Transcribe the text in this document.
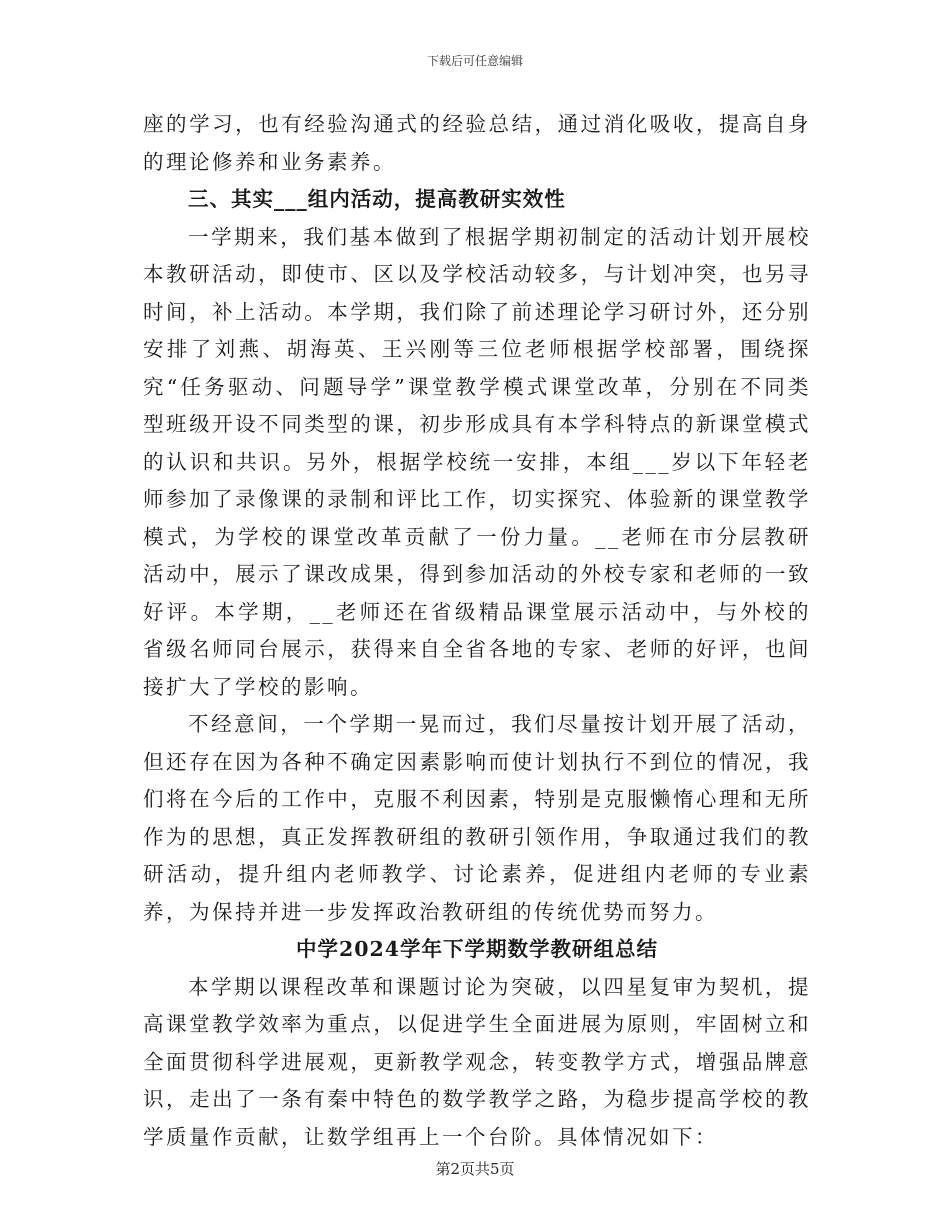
下载后可任意编辑

座的学习，也有经验沟通式的经验总结，通过消化吸收，提高自身的理论修养和业务素养。

三、其实___组内活动，提高教研实效性

一学期来，我们基本做到了根据学期初制定的活动计划开展校本教研活动，即使市、区以及学校活动较多，与计划冲突，也另寻时间，补上活动。本学期，我们除了前述理论学习研讨外，还分别安排了刘燕、胡海英、王兴刚等三位老师根据学校部署，围绕探究“任务驱动、问题导学”课堂教学模式课堂改革，分别在不同类型班级开设不同类型的课，初步形成具有本学科特点的新课堂模式的认识和共识。另外，根据学校统一安排，本组___岁以下年轻老师参加了录像课的录制和评比工作，切实探究、体验新的课堂教学模式，为学校的课堂改革贡献了一份力量。__老师在市分层教研活动中，展示了课改成果，得到参加活动的外校专家和老师的一致好评。本学期，__老师还在省级精品课堂展示活动中，与外校的省级名师同台展示，获得来自全省各地的专家、老师的好评，也间接扩大了学校的影响。

不经意间，一个学期一晃而过，我们尽量按计划开展了活动，但还存在因为各种不确定因素影响而使计划执行不到位的情况，我们将在今后的工作中，克服不利因素，特别是克服懒惰心理和无所作为的思想，真正发挥教研组的教研引领作用，争取通过我们的教研活动，提升组内老师教学、讨论素养，促进组内老师的专业素养，为保持并进一步发挥政治教研组的传统优势而努力。

中学2024学年下学期数学教研组总结

本学期以课程改革和课题讨论为突破，以四星复审为契机，提高课堂教学效率为重点，以促进学生全面进展为原则，牢固树立和全面贯彻科学进展观，更新教学观念，转变教学方式，增强品牌意识，走出了一条有秦中特色的数学教学之路，为稳步提高学校的教学质量作贡献，让数学组再上一个台阶。具体情况如下：

第2页共5页
